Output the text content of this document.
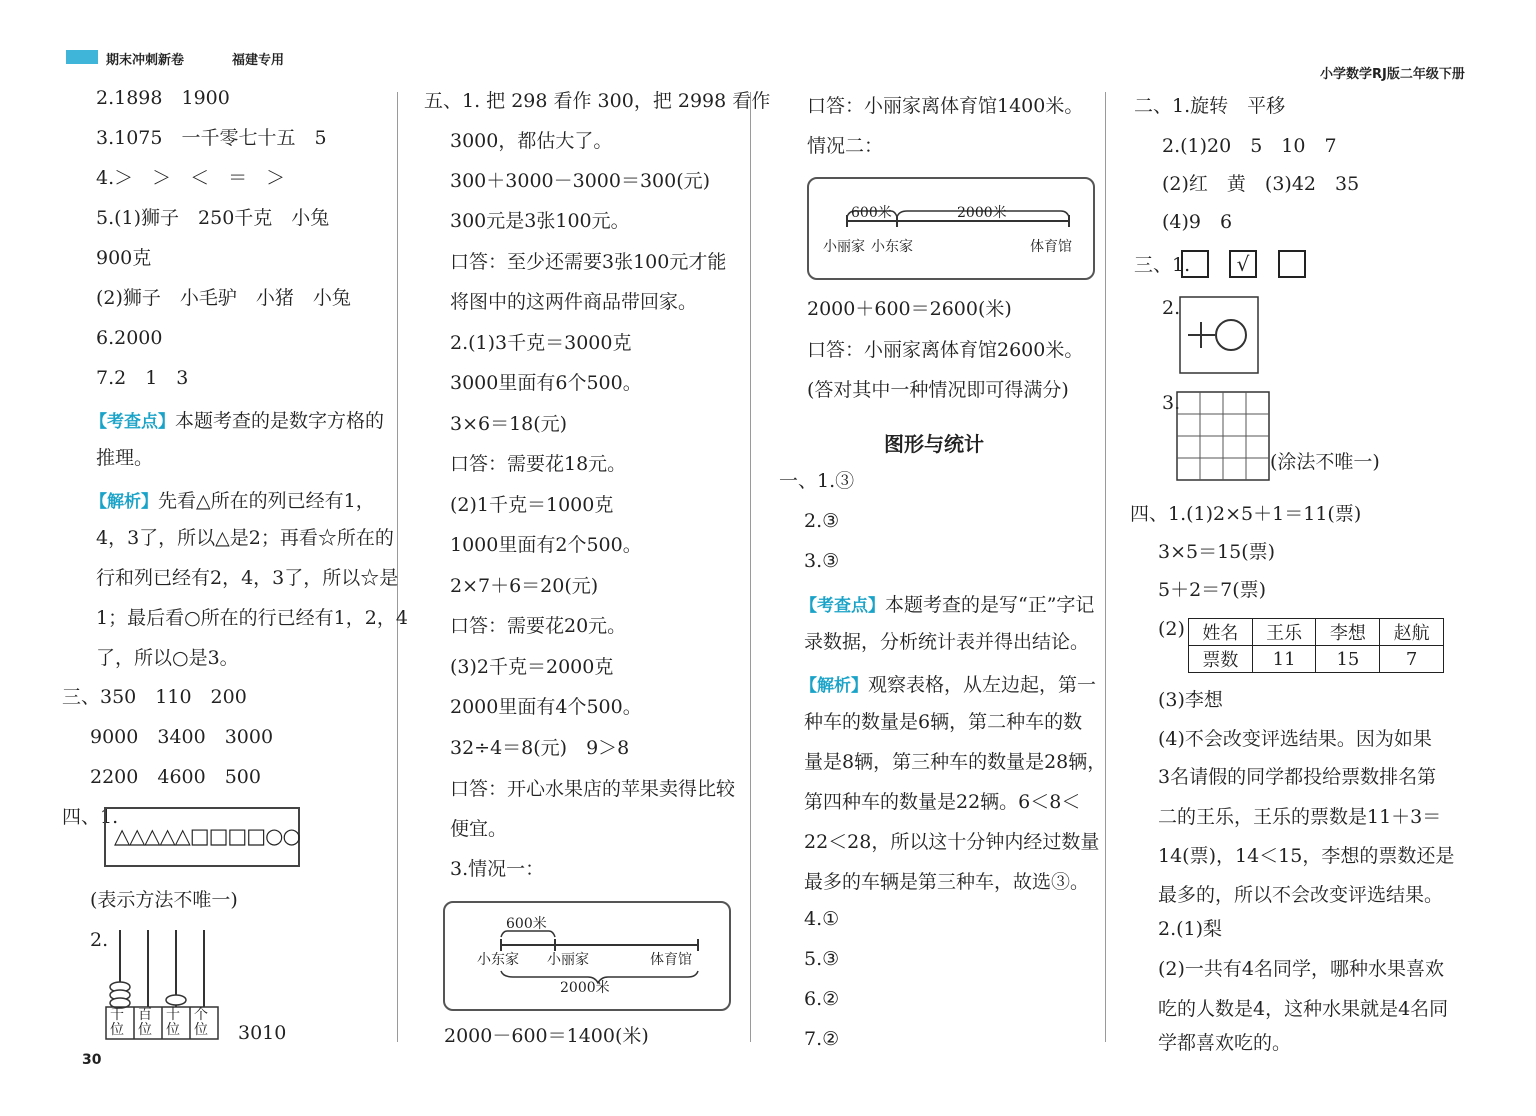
期末冲刺新卷	福建专用
小学数学RJ版二年级下册
2.1898　1900
3.1075　一千零七十五　5
4.＞　＞　＜　＝　＞
5.(1)狮子　250千克　小兔
900克
(2)狮子　小毛驴　小猪　小兔
6.2000
7.2　1　3
【考查点】本题考查的是数字方格的
推理。
【解析】先看△所在的列已经有1，
4，3了，所以△是2；再看☆所在的
行和列已经有2，4，3了，所以☆是
1；最后看○所在的行已经有1，2，4
了，所以○是3。
三、350　110　200
9000　3400　3000
2200　4600　500
四、1.
△△△△△□□□□○○
(表示方法不唯一)
2.
千位
百位
十位
个位 3010
30
五、1. 把 298 看作 300，把 2998 看作
3000，都估大了。
300＋3000－3000＝300(元)
300元是3张100元。
口答：至少还需要3张100元才能
将图中的这两件商品带回家。
2.(1)3千克＝3000克
3000里面有6个500。
3×6＝18(元)
口答：需要花18元。
(2)1千克＝1000克
1000里面有2个500。
2×7＋6＝20(元)
口答：需要花20元。
(3)2千克＝2000克
2000里面有4个500。
32÷4＝8(元)　9＞8
口答：开心水果店的苹果卖得比较
便宜。
3.情况一：
600米
小东家 小丽家	体育馆
2000米
2000－600＝1400(米)
口答：小丽家离体育馆1400米。
情况二：
600米	2000米
小丽家 小东家	体育馆
2000＋600＝2600(米)
口答：小丽家离体育馆2600米。
(答对其中一种情况即可得满分)
图形与统计
一、1.③
2.③
3.③
【考查点】本题考查的是写“正”字记
录数据，分析统计表并得出结论。
【解析】观察表格，从左边起，第一
种车的数量是6辆，第二种车的数
量是8辆，第三种车的数量是28辆，
第四种车的数量是22辆。6＜8＜
22＜28，所以这十分钟内经过数量
最多的车辆是第三种车，故选③。
4.①
5.③
6.②
7.②
二、1.旋转　平移
2.(1)20　5　10　7
(2)红　黄　(3)42　35
(4)9　6
三、1.	√
2.
3.
(涂法不唯一)
四、1.(1)2×5＋1＝11(票)
3×5＝15(票)
5＋2＝7(票)
(2) 姓名	王乐	李想	赵航
票数	11	15	7
(3)李想
(4)不会改变评选结果。因为如果
3名请假的同学都投给票数排名第
二的王乐，王乐的票数是11＋3＝
14(票)，14＜15，李想的票数还是
最多的，所以不会改变评选结果。
2.(1)梨
(2)一共有4名同学，哪种水果喜欢
吃的人数是4，这种水果就是4名同
学都喜欢吃的。
